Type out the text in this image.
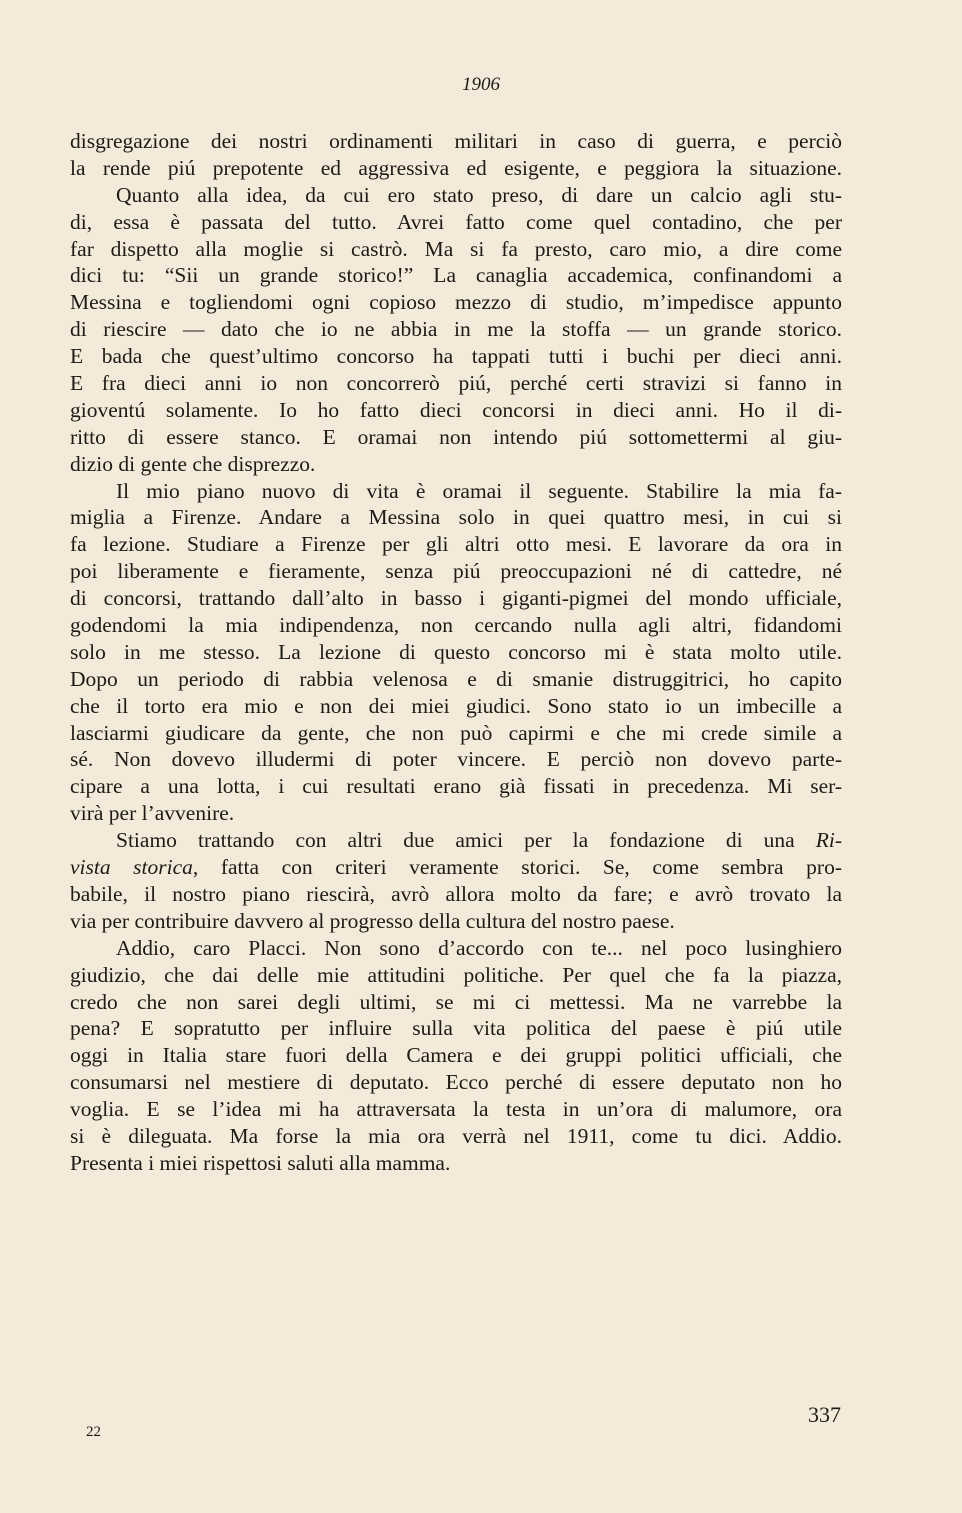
1906
disgregazione dei nostri ordinamenti militari in caso di guerra, e perciò
la rende piú prepotente ed aggressiva ed esigente, e peggiora la situazione.
Quanto alla idea, da cui ero stato preso, di dare un calcio agli stu-
di, essa è passata del tutto. Avrei fatto come quel contadino, che per
far dispetto alla moglie si castrò. Ma si fa presto, caro mio, a dire come
dici tu: “Sii un grande storico!” La canaglia accademica, confinandomi a
Messina e togliendomi ogni copioso mezzo di studio, m’impedisce appunto
di riescire — dato che io ne abbia in me la stoffa — un grande storico.
E bada che quest’ultimo concorso ha tappati tutti i buchi per dieci anni.
E fra dieci anni io non concorrerò piú, perché certi stravizi si fanno in
gioventú solamente. Io ho fatto dieci concorsi in dieci anni. Ho il di-
ritto di essere stanco. E oramai non intendo piú sottomettermi al giu-
dizio di gente che disprezzo.
Il mio piano nuovo di vita è oramai il seguente. Stabilire la mia fa-
miglia a Firenze. Andare a Messina solo in quei quattro mesi, in cui si
fa lezione. Studiare a Firenze per gli altri otto mesi. E lavorare da ora in
poi liberamente e fieramente, senza piú preoccupazioni né di cattedre, né
di concorsi, trattando dall’alto in basso i giganti-pigmei del mondo ufficiale,
godendomi la mia indipendenza, non cercando nulla agli altri, fidandomi
solo in me stesso. La lezione di questo concorso mi è stata molto utile.
Dopo un periodo di rabbia velenosa e di smanie distruggitrici, ho capito
che il torto era mio e non dei miei giudici. Sono stato io un imbecille a
lasciarmi giudicare da gente, che non può capirmi e che mi crede simile a
sé. Non dovevo illudermi di poter vincere. E perciò non dovevo parte-
cipare a una lotta, i cui resultati erano già fissati in precedenza. Mi ser-
virà per l’avvenire.
Stiamo trattando con altri due amici per la fondazione di una Ri-
vista storica, fatta con criteri veramente storici. Se, come sembra pro-
babile, il nostro piano riescirà, avrò allora molto da fare; e avrò trovato la
via per contribuire davvero al progresso della cultura del nostro paese.
Addio, caro Placci. Non sono d’accordo con te... nel poco lusinghiero
giudizio, che dai delle mie attitudini politiche. Per quel che fa la piazza,
credo che non sarei degli ultimi, se mi ci mettessi. Ma ne varrebbe la
pena? E sopratutto per influire sulla vita politica del paese è piú utile
oggi in Italia stare fuori della Camera e dei gruppi politici ufficiali, che
consumarsi nel mestiere di deputato. Ecco perché di essere deputato non ho
voglia. E se l’idea mi ha attraversata la testa in un’ora di malumore, ora
si è dileguata. Ma forse la mia ora verrà nel 1911, come tu dici. Addio.
Presenta i miei rispettosi saluti alla mamma.
22
337
